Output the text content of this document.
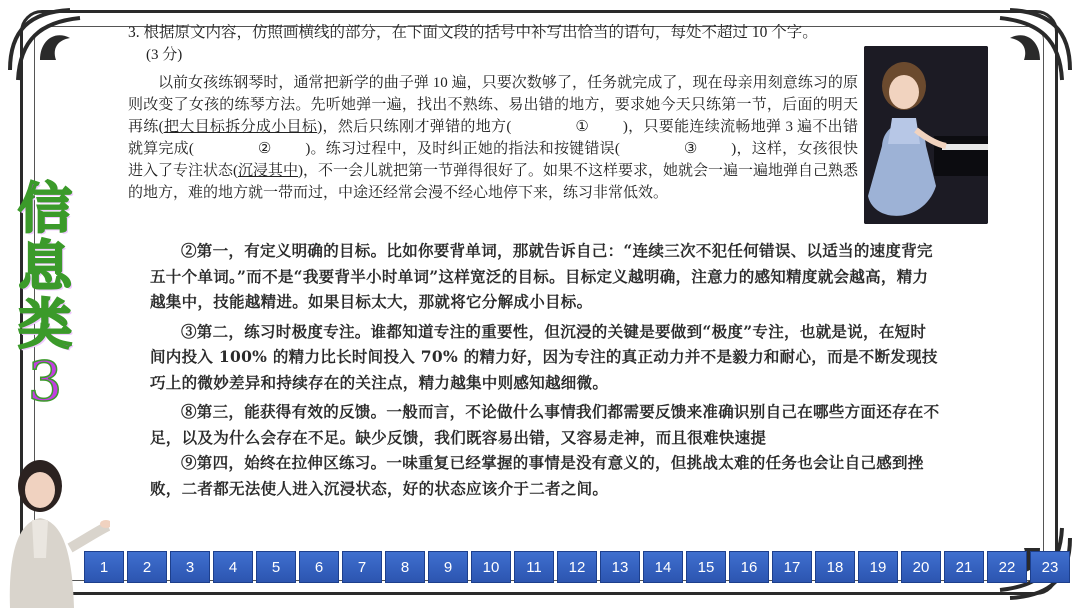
信
息
类
3

3. 根据原文内容，仿照画横线的部分，在下面文段的括号中补写出恰当的语句，每处不超过 10 个字。

(3 分)

以前女孩练钢琴时，通常把新学的曲子弹 10 遍，只要次数够了，任务就完成了，现在母亲用刻意练习的原则改变了女孩的练琴方法。先听她弹一遍，找出不熟练、易出错的地方，要求她今天只练第一节，后面的明天再练(把大目标拆分成小目标)，然后只练刚才弹错的地方(	① )，只要能连续流畅地弹 3 遍不出错就算完成(	② )。练习过程中，及时纠正她的指法和按键错误(	③ )，这样，女孩很快进入了专注状态(沉浸其中)，不一会儿就把第一节弹得很好了。如果不这样要求，她就会一遍一遍地弹自己熟悉的地方，难的地方就一带而过，中途还经常会漫不经心地停下来，练习非常低效。

②第一，有定义明确的目标。比如你要背单词，那就告诉自己：“连续三次不犯任何错误、以适当的速度背完五十个单词。”而不是“我要背半小时单词”这样宽泛的目标。目标定义越明确，注意力的感知精度就会越高，精力越集中，技能越精进。如果目标太大，那就将它分解成小目标。

③第二，练习时极度专注。谁都知道专注的重要性，但沉浸的关键是要做到“极度”专注，也就是说，在短时间内投入 100% 的精力比长时间投入 70% 的精力好，因为专注的真正动力并不是毅力和耐心，而是不断发现技巧上的微妙差异和持续存在的关注点，精力越集中则感知越细微。

⑧第三，能获得有效的反馈。一般而言，不论做什么事情我们都需要反馈来准确识别自己在哪些方面还存在不足，以及为什么会存在不足。缺少反馈，我们既容易出错，又容易走神，而且很难快速提

⑨第四，始终在拉伸区练习。一味重复已经掌握的事情是没有意义的，但挑战太难的任务也会让自己感到挫败，二者都无法使人进入沉浸状态，好的状态应该介于二者之间。

1	2	3	4	5	6	7	8	9	10	11	12	13	14	15	16	17	18	19	20	21	22	23
